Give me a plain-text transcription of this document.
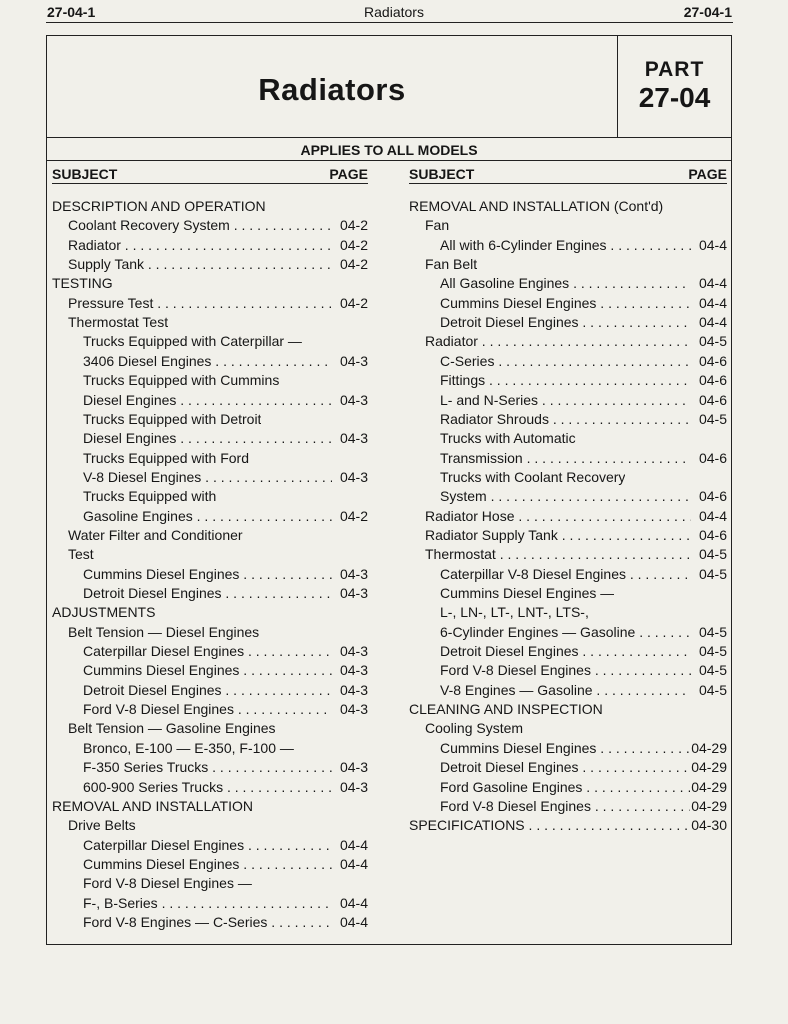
27-04-1	Radiators	27-04-1
Radiators
PART
27-04
APPLIES TO ALL MODELS
SUBJECT	PAGE
DESCRIPTION AND OPERATION
Coolant Recovery System . . .	04-2
Radiator . . .	04-2
Supply Tank . . .	04-2
TESTING
Pressure Test . . .	04-2
Thermostat Test
Trucks Equipped with Caterpillar —
3406 Diesel Engines . . .	04-3
Trucks Equipped with Cummins
Diesel Engines . . .	04-3
Trucks Equipped with Detroit
Diesel Engines . . .	04-3
Trucks Equipped with Ford
V-8 Diesel Engines . . .	04-3
Trucks Equipped with
Gasoline Engines . . .	04-2
Water Filter and Conditioner
Test
Cummins Diesel Engines . . .	04-3
Detroit Diesel Engines . . .	04-3
ADJUSTMENTS
Belt Tension — Diesel Engines
Caterpillar Diesel Engines . . .	04-3
Cummins Diesel Engines . . .	04-3
Detroit Diesel Engines . . .	04-3
Ford V-8 Diesel Engines . . .	04-3
Belt Tension — Gasoline Engines
Bronco, E-100 — E-350, F-100 —
F-350 Series Trucks . . .	04-3
600-900 Series Trucks . . .	04-3
REMOVAL AND INSTALLATION
Drive Belts
Caterpillar Diesel Engines . . .	04-4
Cummins Diesel Engines . . .	04-4
Ford V-8 Diesel Engines —
F-, B-Series . . .	04-4
Ford V-8 Engines — C-Series . . .	04-4
SUBJECT	PAGE
REMOVAL AND INSTALLATION (Cont'd)
Fan
All with 6-Cylinder Engines . . .	04-4
Fan Belt
All Gasoline Engines . . .	04-4
Cummins Diesel Engines . . .	04-4
Detroit Diesel Engines . . .	04-4
Radiator . . .	04-5
C-Series . . .	04-6
Fittings . . .	04-6
L- and N-Series . . .	04-6
Radiator Shrouds . . .	04-5
Trucks with Automatic
Transmission . . .	04-6
Trucks with Coolant Recovery
System . . .	04-6
Radiator Hose . . .	04-4
Radiator Supply Tank . . .	04-6
Thermostat . . .	04-5
Caterpillar V-8 Diesel Engines . . .	04-5
Cummins Diesel Engines —
L-, LN-, LT-, LNT-, LTS-,
6-Cylinder Engines — Gasoline . . .	04-5
Detroit Diesel Engines . . .	04-5
Ford V-8 Diesel Engines . . .	04-5
V-8 Engines — Gasoline . . .	04-5
CLEANING AND INSPECTION
Cooling System
Cummins Diesel Engines . . .	04-29
Detroit Diesel Engines . . .	04-29
Ford Gasoline Engines . . .	04-29
Ford V-8 Diesel Engines . . .	04-29
SPECIFICATIONS . . .	04-30
